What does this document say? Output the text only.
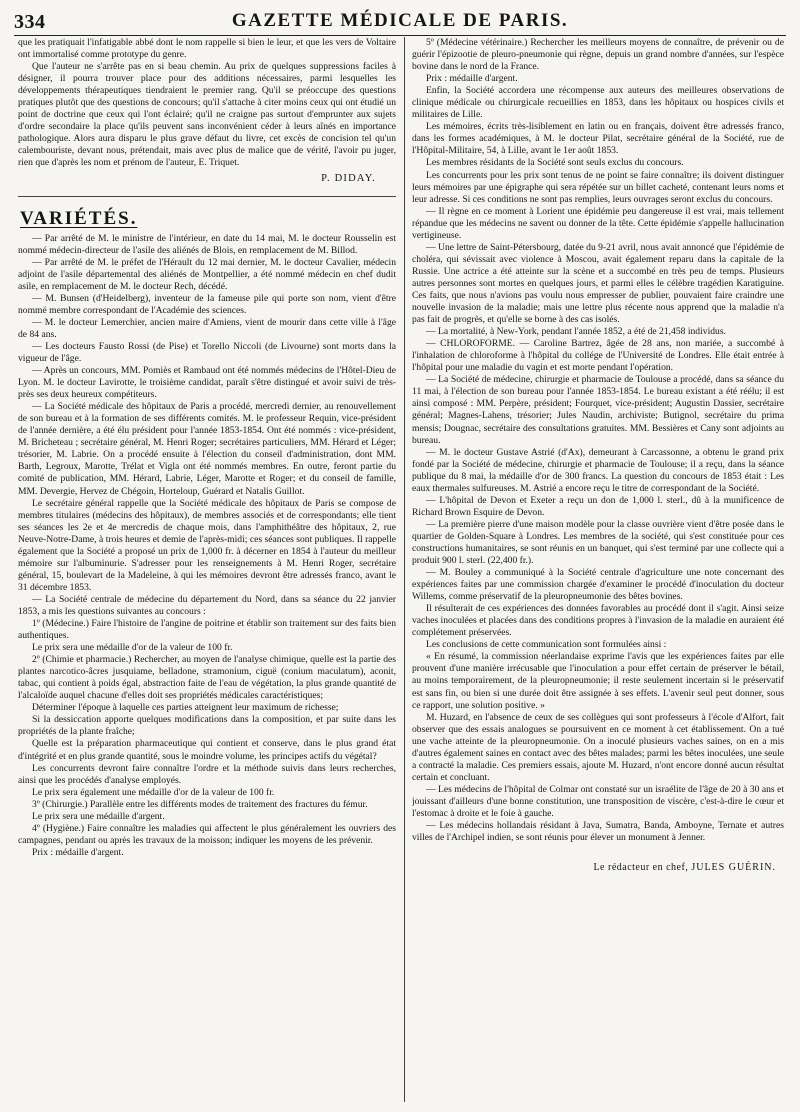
334	GAZETTE MÉDICALE DE PARIS.

que les pratiquait l'infatigable abbé dont le nom rappelle si bien le leur, et que les vers de Voltaire ont immortalisé comme prototype du genre.

Que l'auteur ne s'arrête pas en si beau chemin. Au prix de quelques suppressions faciles à désigner, il pourra trouver place pour des additions nécessaires, parmi lesquelles les développements thérapeutiques tiendraient le premier rang. Qu'il se préoccupe des questions pratiques plutôt que des questions de concours; qu'il s'attache à citer moins ceux qui ont étudié un point de doctrine que ceux qui l'ont éclairé; qu'il ne craigne pas surtout d'emprunter aux sujets d'ordre secondaire la place qu'ils peuvent sans inconvénient céder à leurs aînés en importance pathologique. Alors aura disparu le plus grave défaut du livre, cet excès de concision tel qu'un calembouriste, devant nous, prétendait, mais avec plus de malice que de vérité, l'avoir pu juger, rien que d'après les nom et prénom de l'auteur, E. Triquet.

P. DIDAY.
VARIÉTÉS.

— Par arrêté de M. le ministre de l'intérieur, en date du 14 mai, M. le docteur Rousselin est nommé médecin-directeur de l'asile des aliénés de Blois, en remplacement de M. Billod.

— Par arrêté de M. le préfet de l'Hérault du 12 mai dernier, M. le docteur Cavalier, médecin adjoint de l'asile départemental des aliénés de Montpellier, a été nommé médecin en chef dudit asile, en remplacement de M. le docteur Rech, décédé.

— M. Bunsen (d'Heidelberg), inventeur de la fameuse pile qui porte son nom, vient d'être nommé membre correspondant de l'Académie des sciences.

— M. le docteur Lemerchier, ancien maire d'Amiens, vient de mourir dans cette ville à l'âge de 84 ans.

— Les docteurs Fausto Rossi (de Pise) et Torello Niccoli (de Livourne) sont morts dans la vigueur de l'âge.

— Après un concours, MM. Pomiès et Rambaud ont été nommés médecins de l'Hôtel-Dieu de Lyon. M. le docteur Lavirotte, le troisième candidat, paraît s'être distingué et avoir suivi de très-près ses deux heureux compétiteurs.

— La Société médicale des hôpitaux de Paris a procédé, mercredi dernier, au renouvellement de son bureau et à la formation de ses différents comités. M. le professeur Requin, vice-président de l'année dernière, a été élu président pour l'année 1853-1854. Ont été nommés : vice-président, M. Bricheteau ; secrétaire général, M. Henri Roger; secrétaires particuliers, MM. Hérard et Léger; trésorier, M. Labrie. On a procédé ensuite à l'élection du conseil d'administration, dont MM. Barth, Legroux, Marotte, Trélat et Vigla ont été nommés membres. En outre, feront partie du comité de publication, MM. Hérard, Labrie, Léger, Marotte et Roger; et du conseil de famille, MM. Devergie, Hervez de Chégoin, Horteloup, Guérard et Natalis Guillot.

Le secrétaire général rappelle que la Société médicale des hôpitaux de Paris se compose de membres titulaires (médecins des hôpitaux), de membres associés et de correspondants; elle tient ses séances les 2e et 4e mercredis de chaque mois, dans l'amphithéâtre des hôpitaux, 2, rue Neuve-Notre-Dame, à trois heures et demie de l'après-midi; ces séances sont publiques. Il rappelle également que la Société a proposé un prix de 1,000 fr. à décerner en 1854 à l'auteur du meilleur mémoire sur l'albuminurie. S'adresser pour les renseignements à M. Henri Roger, secrétaire général, 15, boulevart de la Madeleine, à qui les mémoires devront être adressés franco, avant le 31 décembre 1853.

— La Société centrale de médecine du département du Nord, dans sa séance du 22 janvier 1853, a mis les questions suivantes au concours :

1º (Médecine.) Faire l'histoire de l'angine de poitrine et établir son traitement sur des faits bien authentiques.

Le prix sera une médaille d'or de la valeur de 100 fr.

2º (Chimie et pharmacie.) Rechercher, au moyen de l'analyse chimique, quelle est la partie des plantes narcotico-âcres jusquiame, belladone, stramonium, ciguë (conium maculatum), aconit, tabac, qui contient à poids égal, abstraction faite de l'eau de végétation, la plus grande quantité de l'alcaloïde auquel chacune d'elles doit ses propriétés médicales caractéristiques;

Déterminer l'époque à laquelle ces parties atteignent leur maximum de richesse;

Si la dessiccation apporte quelques modifications dans la composition, et par suite dans les propriétés de la plante fraîche;

Quelle est la préparation pharmaceutique qui contient et conserve, dans le plus grand état d'intégrité et en plus grande quantité, sous le moindre volume, les principes actifs du végétal?

Les concurrents devront faire connaître l'ordre et la méthode suivis dans leurs recherches, ainsi que les procédés d'analyse employés.

Le prix sera également une médaille d'or de la valeur de 100 fr.

3º (Chirurgie.) Parallèle entre les différents modes de traitement des fractures du fémur.

Le prix sera une médaille d'argent.

4º (Hygiène.) Faire connaître les maladies qui affectent le plus généralement les ouvriers des campagnes, pendant ou après les travaux de la moisson; indiquer les moyens de les prévenir.

Prix : médaille d'argent.

5º (Médecine vétérinaire.) Rechercher les meilleurs moyens de connaître, de prévenir ou de guérir l'épizootie de pleuro-pneumonie qui règne, depuis un grand nombre d'années, sur l'espèce bovine dans le nord de la France.

Prix : médaille d'argent.

Enfin, la Société accordera une récompense aux auteurs des meilleures observations de clinique médicale ou chirurgicale recueillies en 1853, dans les hôpitaux ou hospices civils et militaires de Lille.

Les mémoires, écrits très-lisiblement en latin ou en français, doivent être adressés franco, dans les formes académiques, à M. le docteur Pilat, secrétaire général de la Société, rue de l'Hôpital-Militaire, 54, à Lille, avant le 1er août 1853.

Les membres résidants de la Société sont seuls exclus du concours.

Les concurrents pour les prix sont tenus de ne point se faire connaître; ils doivent distinguer leurs mémoires par une épigraphe qui sera répétée sur un billet cacheté, contenant leurs noms et leur adresse. Si ces conditions ne sont pas remplies, leurs ouvrages seront exclus du concours.

— Il règne en ce moment à Lorient une épidémie peu dangereuse il est vrai, mais tellement répandue que les médecins ne savent ou donner de la tête. Cette épidémie s'appelle hallucination vertigineuse.

— Une lettre de Saint-Pétersbourg, datée du 9-21 avril, nous avait annoncé que l'épidémie de choléra, qui sévissait avec violence à Moscou, avait également reparu dans la capitale de la Russie. Une actrice a été atteinte sur la scène et a succombé en très peu de temps. Plusieurs autres personnes sont mortes en quelques jours, et parmi elles le célèbre tragédien Karatiguine. Ces faits, que nous n'avions pas voulu nous empresser de publier, pouvaient faire craindre une nouvelle invasion de la maladie; mais une lettre plus récente nous apprend que la maladie n'a pas fait de progrès, et qu'elle se borne à des cas isolés.

— La mortalité, à New-York, pendant l'année 1852, a été de 21,458 individus.

— CHLOROFORME. — Caroline Bartrez, âgée de 28 ans, non mariée, a succombé à l'inhalation de chloroforme à l'hôpital du collége de l'Université de Londres. Elle était entrée à l'hôpital pour une maladie du vagin et est morte pendant l'opération.

— La Société de médecine, chirurgie et pharmacie de Toulouse a procédé, dans sa séance du 11 mai, à l'élection de son bureau pour l'année 1853-1854. Le bureau existant a été réélu; il est ainsi composé : MM. Perpère, président; Fourquet, vice-président; Augustin Dassier, secrétaire général; Magnes-Lahens, trésorier; Jules Naudin, archiviste; Butignol, secrétaire du prima mensis; Dougnac, secrétaire des consultations gratuites. MM. Bessières et Cany sont adjoints au bureau.

— M. le docteur Gustave Astrié (d'Ax), demeurant à Carcassonne, a obtenu le grand prix fondé par la Société de médecine, chirurgie et pharmacie de Toulouse; il a reçu, dans la séance publique du 8 mai, la médaille d'or de 300 francs. La question du concours de 1853 était : Les eaux thermales sulfureuses. M. Astrié a encore reçu le titre de correspondant de la Société.

— L'hôpital de Devon et Exeter a reçu un don de 1,000 l. sterl., dû à la munificence de Richard Brown Esquire de Devon.

— La première pierre d'une maison modèle pour la classe ouvrière vient d'être posée dans le quartier de Golden-Square à Londres. Les membres de la société, qui s'est constituée pour ces constructions humanitaires, se sont réunis en un banquet, qui s'est terminé par une collecte qui a produit 900 l. sterl. (22,400 fr.).

— M. Bouley a communiqué à la Société centrale d'agriculture une note concernant des expériences faites par une commission chargée d'examiner le procédé d'inoculation du docteur Willems, comme préservatif de la pleuropneumonie des bêtes bovines.

Il résulterait de ces expériences des données favorables au procédé dont il s'agit. Ainsi seize vaches inoculées et placées dans des conditions propres à l'invasion de la maladie en auraient été complétement préservées.

Les conclusions de cette communication sont formulées ainsi :

« En résumé, la commission néerlandaise exprime l'avis que les expériences faites par elle prouvent d'une manière irrécusable que l'inoculation a pour effet certain de préserver le bétail, au moins temporairement, de la pleuropneumonie; il reste seulement incertain si le préservatif est sans fin, ou bien si une durée doit être assignée à ses effets. L'avenir seul peut donner, sous ce rapport, une solution positive. »

M. Huzard, en l'absence de ceux de ses collègues qui sont professeurs à l'école d'Alfort, fait observer que des essais analogues se poursuivent en ce moment à cet établissement. On a tué une vache atteinte de la pleuropneumonie. On a inoculé plusieurs vaches saines, on en a mis d'autres également saines en contact avec des bêtes malades; parmi les bêtes inoculées, une seule a contracté la maladie. Ces premiers essais, ajoute M. Huzard, n'ont encore donné aucun résultat certain et concluant.

— Les médecins de l'hôpital de Colmar ont constaté sur un israélite de l'âge de 20 à 30 ans et jouissant d'ailleurs d'une bonne constitution, une transposition de viscère, c'est-à-dire le cœur et l'estomac à droite et le foie à gauche.

— Les médecins hollandais résidant à Java, Sumatra, Banda, Amboyne, Ternate et autres villes de l'Archipel indien, se sont réunis pour élever un monument à Jenner.

Le rédacteur en chef, JULES GUÉRIN.
